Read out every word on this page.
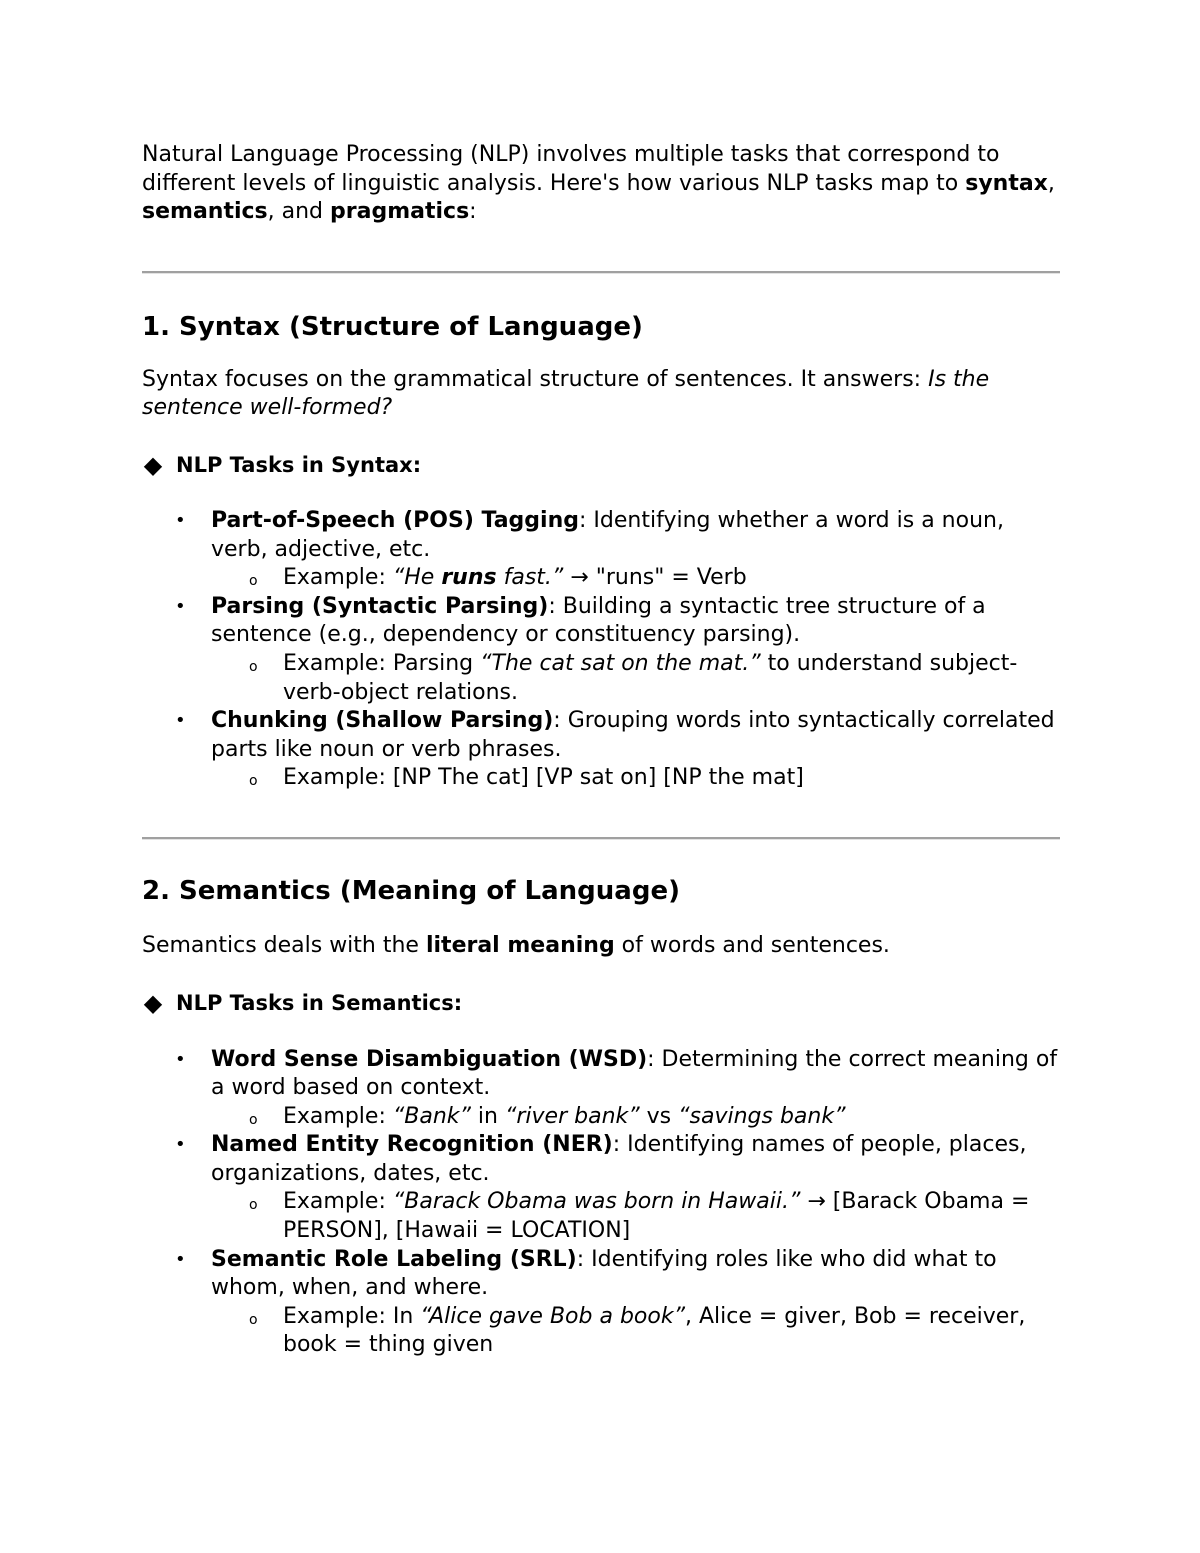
Natural Language Processing (NLP) involves multiple tasks that correspond to different levels of linguistic analysis. Here's how various NLP tasks map to syntax, semantics, and pragmatics:

1. Syntax (Structure of Language)

Syntax focuses on the grammatical structure of sentences. It answers: Is the sentence well-formed?

◆ NLP Tasks in Syntax:
• Part-of-Speech (POS) Tagging: Identifying whether a word is a noun, verb, adjective, etc.
o Example: “He runs fast.” → "runs" = Verb
• Parsing (Syntactic Parsing): Building a syntactic tree structure of a sentence (e.g., dependency or constituency parsing).
o Example: Parsing “The cat sat on the mat.” to understand subject-verb-object relations.
• Chunking (Shallow Parsing): Grouping words into syntactically correlated parts like noun or verb phrases.
o Example: [NP The cat] [VP sat on] [NP the mat]
2. Semantics (Meaning of Language)

Semantics deals with the literal meaning of words and sentences.

◆ NLP Tasks in Semantics:
• Word Sense Disambiguation (WSD): Determining the correct meaning of a word based on context.
o Example: “Bank” in “river bank” vs “savings bank”
• Named Entity Recognition (NER): Identifying names of people, places, organizations, dates, etc.
o Example: “Barack Obama was born in Hawaii.” → [Barack Obama = PERSON], [Hawaii = LOCATION]
• Semantic Role Labeling (SRL): Identifying roles like who did what to whom, when, and where.
o Example: In “Alice gave Bob a book”, Alice = giver, Bob = receiver, book = thing given
